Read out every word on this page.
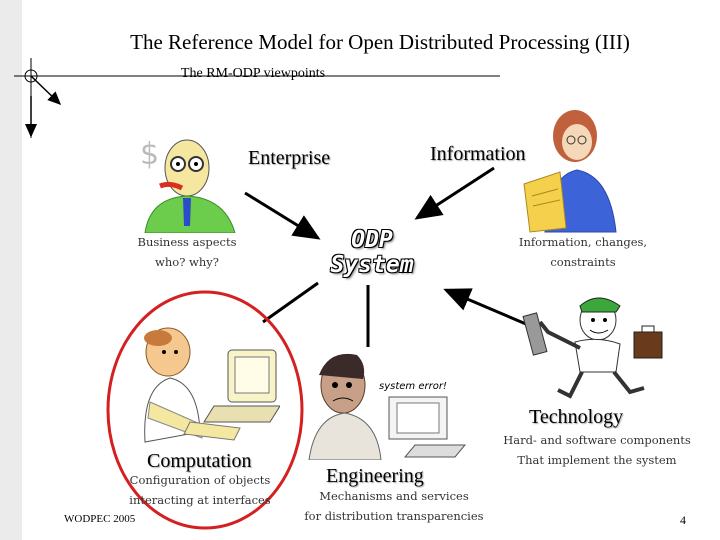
$
system error!
The Reference Model for Open Distributed Processing (III)
The RM-ODP viewpoints
ODP
System
Enterprise
Business aspects
who? why?
Information
Information, changes,
constraints
Technology
Hard- and software components
That implement the system
Computation
Configuration of objects
interacting at interfaces
Engineering
Mechanisms and services
for distribution transparencies
WODPEC 2005	4
